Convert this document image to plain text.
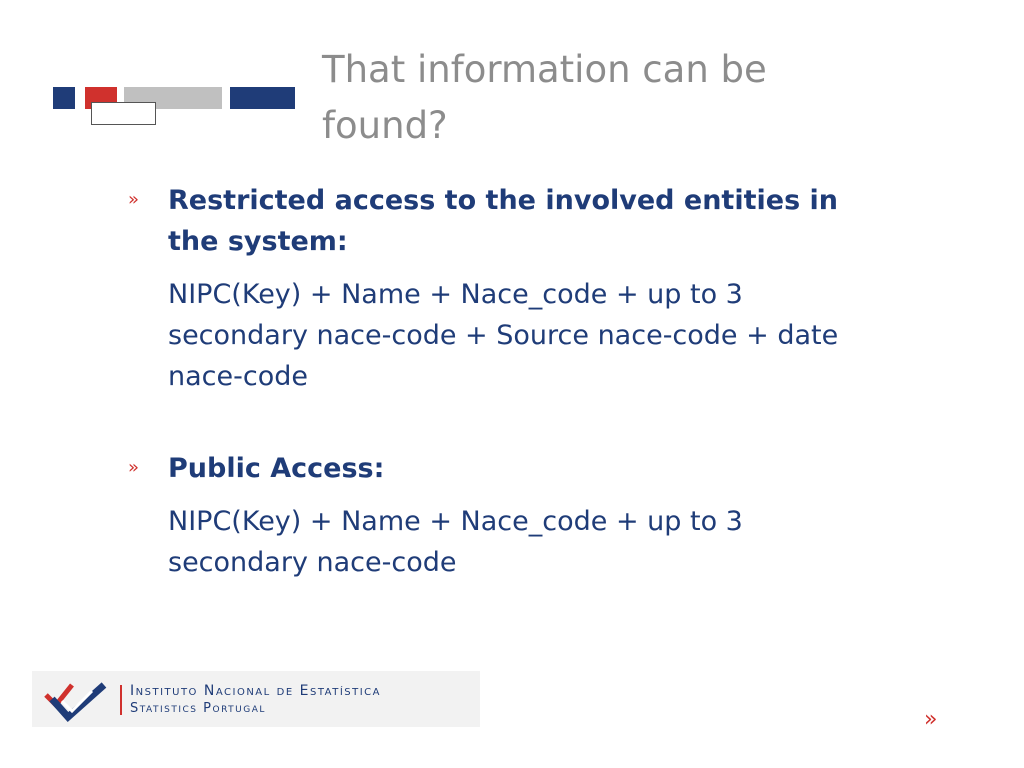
That information can be found?
» Restricted access to the involved entities in the system:

NIPC(Key) + Name + Nace_code + up to 3 secondary nace-code + Source nace-code + date nace-code

» Public Access:

NIPC(Key) + Name + Nace_code + up to 3 secondary nace-code

Instituto Nacional de Estatística
Statistics Portugal	»
